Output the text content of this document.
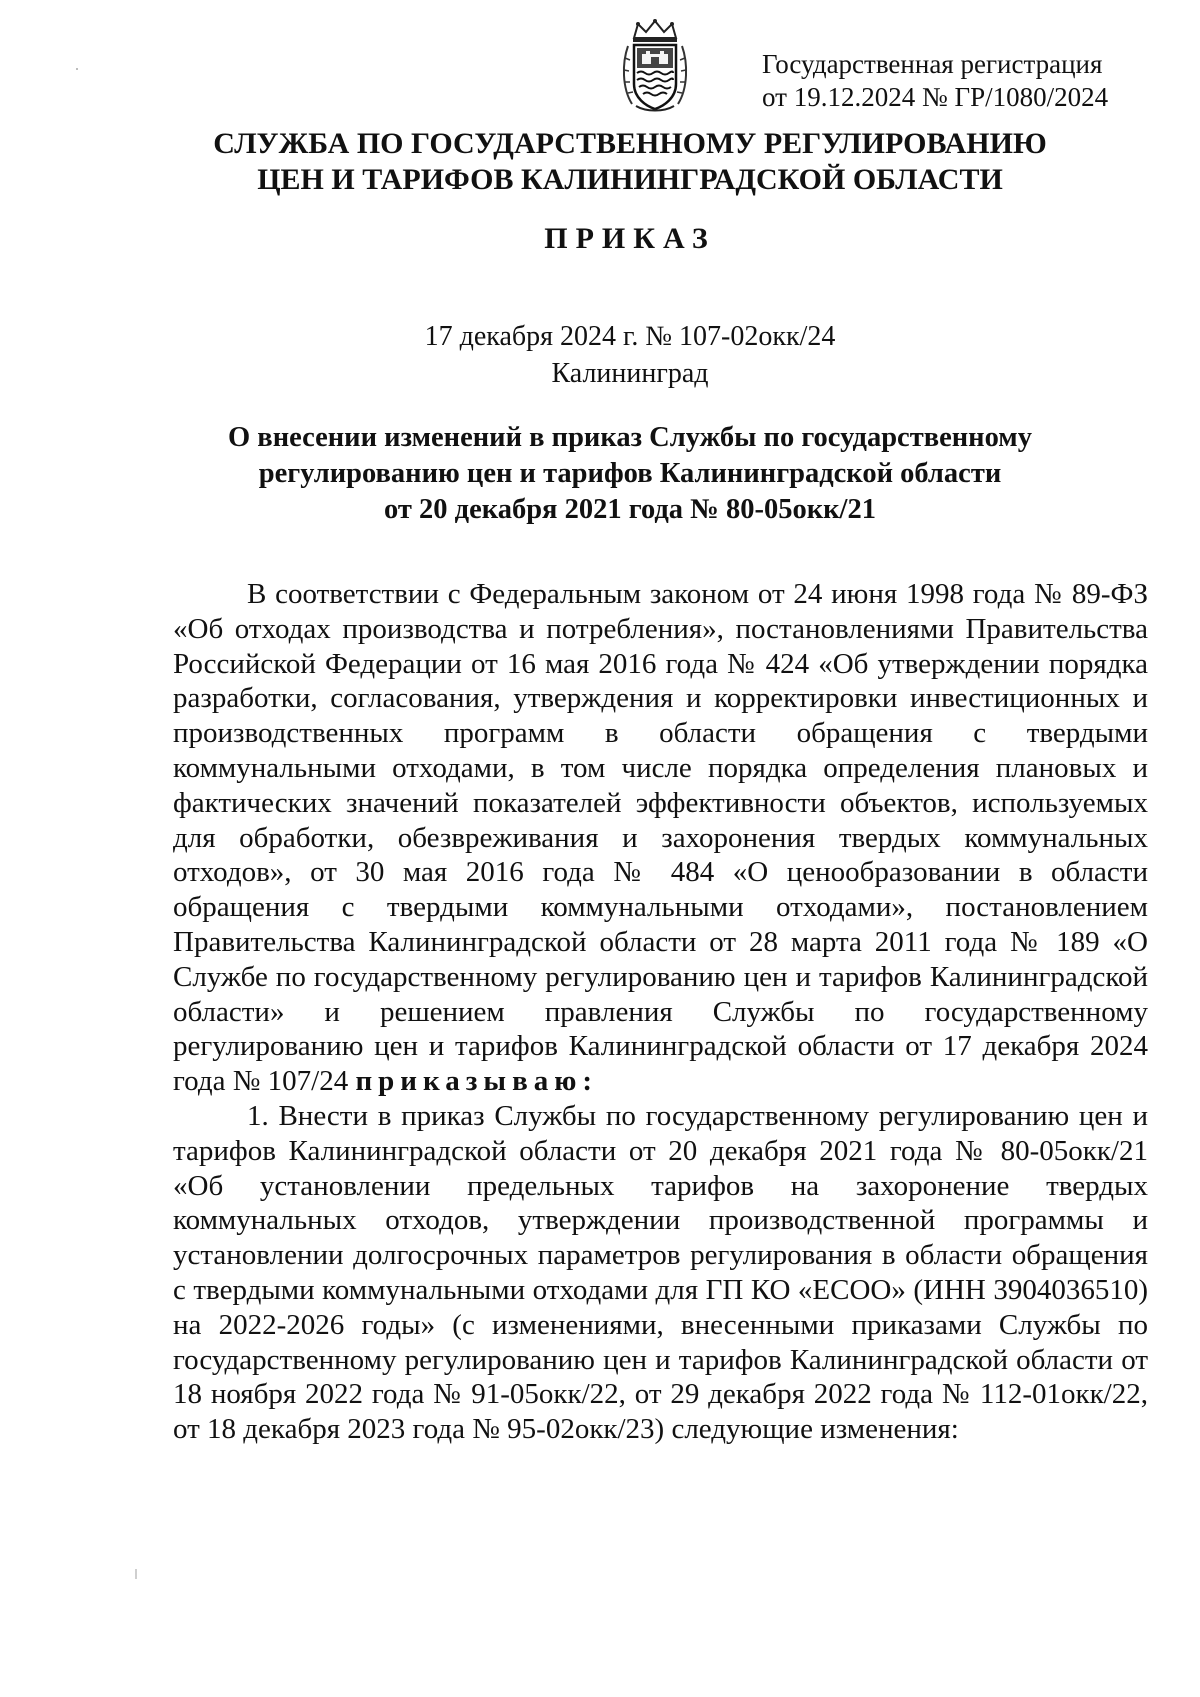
Государственная регистрация
от 19.12.2024 № ГР/1080/2024
СЛУЖБА ПО ГОСУДАРСТВЕННОМУ РЕГУЛИРОВАНИЮ
ЦЕН И ТАРИФОВ КАЛИНИНГРАДСКОЙ ОБЛАСТИ
ПРИКАЗ
17 декабря 2024 г. № 107-02окк/24
Калининград
О внесении изменений в приказ Службы по государственному
регулированию цен и тарифов Калининградской области
от 20 декабря 2021 года № 80-05окк/21

В соответствии с Федеральным законом от 24 июня 1998 года № 89-ФЗ «Об отходах производства и потребления», постановлениями Правительства Российской Федерации от 16 мая 2016 года № 424 «Об утверждении порядка разработки, согласования, утверждения и корректировки инвестиционных и производственных программ в области обращения с твердыми коммунальными отходами, в том числе порядка определения плановых и фактических значений показателей эффективности объектов, используемых для обработки, обезвреживания и захоронения твердых коммунальных отходов», от 30 мая 2016 года № 484 «О ценообразовании в области обращения с твердыми коммунальными отходами», постановлением Правительства Калининградской области от 28 марта 2011 года № 189 «О Службе по государственному регулированию цен и тарифов Калининградской области» и решением правления Службы по государственному регулированию цен и тарифов Калининградской области от 17 декабря 2024 года № 107/24 приказываю:

1. Внести в приказ Службы по государственному регулированию цен и тарифов Калининградской области от 20 декабря 2021 года № 80-05окк/21 «Об установлении предельных тарифов на захоронение твердых коммунальных отходов, утверждении производственной программы и установлении долгосрочных параметров регулирования в области обращения с твердыми коммунальными отходами для ГП КО «ЕСОО» (ИНН 3904036510) на 2022-2026 годы» (с изменениями, внесенными приказами Службы по государственному регулированию цен и тарифов Калининградской области от 18 ноября 2022 года № 91-05окк/22, от 29 декабря 2022 года № 112-01окк/22, от 18 декабря 2023 года № 95-02окк/23) следующие изменения:
